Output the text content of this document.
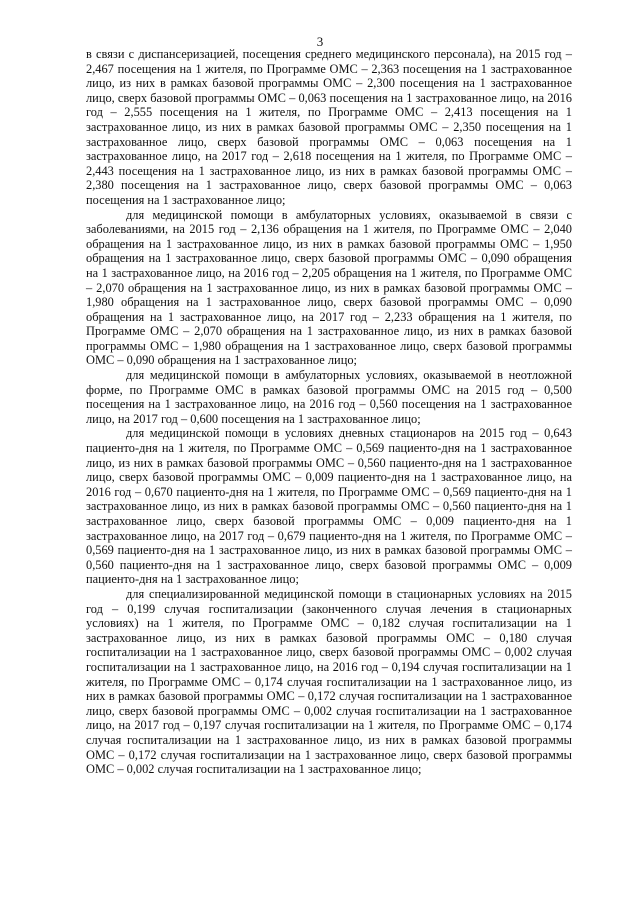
3

в связи с диспансеризацией, посещения среднего медицинского персонала), на 2015 год – 2,467 посещения на 1 жителя, по Программе ОМС – 2,363 посещения на 1 застрахованное лицо, из них в рамках базовой программы ОМС – 2,300 посещения на 1 застрахованное лицо, сверх базовой программы ОМС – 0,063 посещения на 1 застрахованное лицо, на 2016 год – 2,555 посещения на 1 жителя, по Программе ОМС – 2,413 посещения на 1 застрахованное лицо, из них в рамках базовой программы ОМС – 2,350 посещения на 1 застрахованное лицо, сверх базовой программы ОМС – 0,063 посещения на 1 застрахованное лицо, на 2017 год – 2,618 посещения на 1 жителя, по Программе ОМС – 2,443 посещения на 1 застрахованное лицо, из них в рамках базовой программы ОМС – 2,380 посещения на 1 застрахованное лицо, сверх базовой программы ОМС – 0,063 посещения на 1 застрахованное лицо;

для медицинской помощи в амбулаторных условиях, оказываемой в связи с заболеваниями, на 2015 год – 2,136 обращения на 1 жителя, по Программе ОМС – 2,040 обращения на 1 застрахованное лицо, из них в рамках базовой программы ОМС – 1,950 обращения на 1 застрахованное лицо, сверх базовой программы ОМС – 0,090 обращения на 1 застрахованное лицо, на 2016 год – 2,205 обращения на 1 жителя, по Программе ОМС – 2,070 обращения на 1 застрахованное лицо, из них в рамках базовой программы ОМС – 1,980 обращения на 1 застрахованное лицо, сверх базовой программы ОМС – 0,090 обращения на 1 застрахованное лицо, на 2017 год – 2,233 обращения на 1 жителя, по Программе ОМС – 2,070 обращения на 1 застрахованное лицо, из них в рамках базовой программы ОМС – 1,980 обращения на 1 застрахованное лицо, сверх базовой программы ОМС – 0,090 обращения на 1 застрахованное лицо;

для медицинской помощи в амбулаторных условиях, оказываемой в неотложной форме, по Программе ОМС в рамках базовой программы ОМС на 2015 год – 0,500 посещения на 1 застрахованное лицо, на 2016 год – 0,560 посещения на 1 застрахованное лицо, на 2017 год – 0,600 посещения на 1 застрахованное лицо;

для медицинской помощи в условиях дневных стационаров на 2015 год – 0,643 пациенто-дня на 1 жителя, по Программе ОМС – 0,569 пациенто-дня на 1 застрахованное лицо, из них в рамках базовой программы ОМС – 0,560 пациенто-дня на 1 застрахованное лицо, сверх базовой программы ОМС – 0,009 пациенто-дня на 1 застрахованное лицо, на 2016 год – 0,670 пациенто-дня на 1 жителя, по Программе ОМС – 0,569 пациенто-дня на 1 застрахованное лицо, из них в рамках базовой программы ОМС – 0,560 пациенто-дня на 1 застрахованное лицо, сверх базовой программы ОМС – 0,009 пациенто-дня на 1 застрахованное лицо, на 2017 год – 0,679 пациенто-дня на 1 жителя, по Программе ОМС – 0,569 пациенто-дня на 1 застрахованное лицо, из них в рамках базовой программы ОМС – 0,560 пациенто-дня на 1 застрахованное лицо, сверх базовой программы ОМС – 0,009 пациенто-дня на 1 застрахованное лицо;

для специализированной медицинской помощи в стационарных условиях на 2015 год – 0,199 случая госпитализации (законченного случая лечения в стационарных условиях) на 1 жителя, по Программе ОМС – 0,182 случая госпитализации на 1 застрахованное лицо, из них в рамках базовой программы ОМС – 0,180 случая госпитализации на 1 застрахованное лицо, сверх базовой программы ОМС – 0,002 случая госпитализации на 1 застрахованное лицо, на 2016 год – 0,194 случая госпитализации на 1 жителя, по Программе ОМС – 0,174 случая госпитализации на 1 застрахованное лицо, из них в рамках базовой программы ОМС – 0,172 случая госпитализации на 1 застрахованное лицо, сверх базовой программы ОМС – 0,002 случая госпитализации на 1 застрахованное лицо, на 2017 год – 0,197 случая госпитализации на 1 жителя, по Программе ОМС – 0,174 случая госпитализации на 1 застрахованное лицо, из них в рамках базовой программы ОМС – 0,172 случая госпитализации на 1 застрахованное лицо, сверх базовой программы ОМС – 0,002 случая госпитализации на 1 застрахованное лицо;
